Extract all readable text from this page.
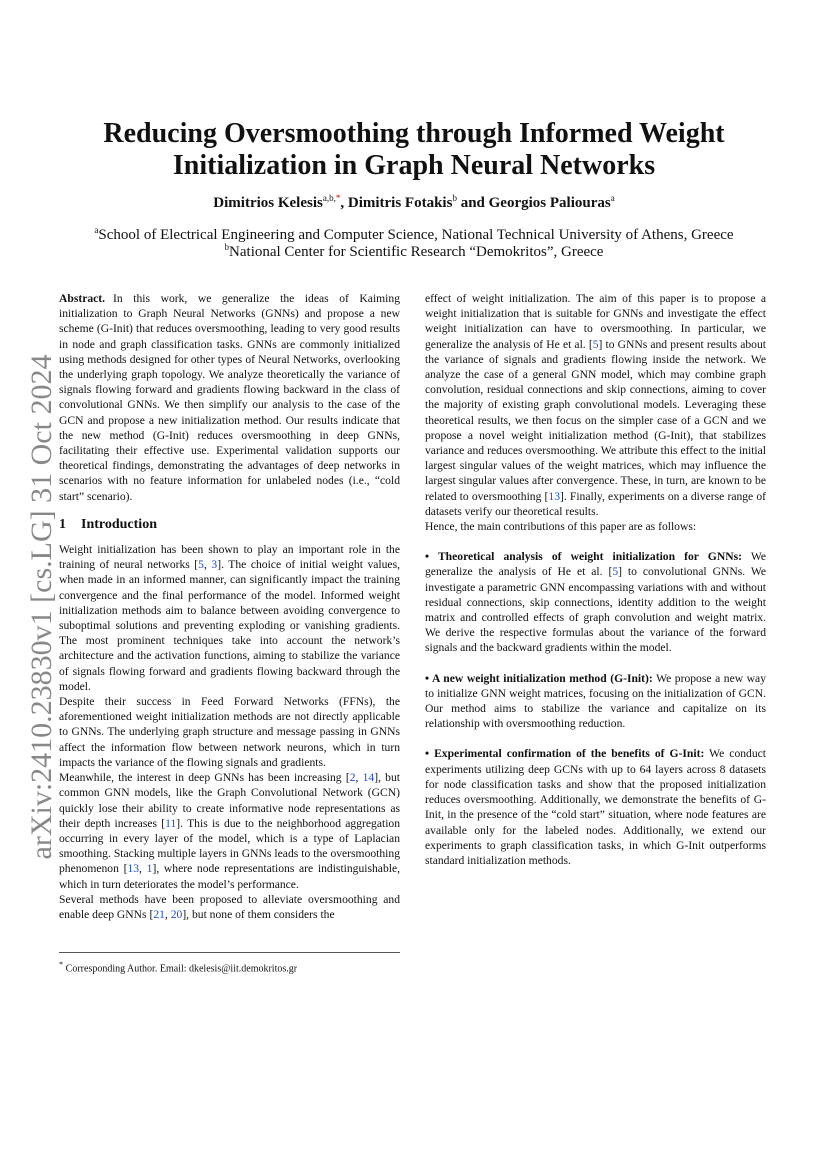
arXiv:2410.23830v1 [cs.LG] 31 Oct 2024
Reducing Oversmoothing through Informed Weight
Initialization in Graph Neural Networks
Dimitrios Kelesis$^{a,b,*}$, Dimitris Fotakis$^b$ and Georgios Paliouras$^a$
$^a$School of Electrical Engineering and Computer Science, National Technical University of Athens, Greece
$^b$National Center for Scientific Research “Demokritos”, Greece

Abstract. In this work, we generalize the ideas of Kaiming initialization to Graph Neural Networks (GNNs) and propose a new scheme (G-Init) that reduces oversmoothing, leading to very good results in node and graph classification tasks. GNNs are commonly initialized using methods designed for other types of Neural Networks, overlooking the underlying graph topology. We analyze theoretically the variance of signals flowing forward and gradients flowing backward in the class of convolutional GNNs. We then simplify our analysis to the case of the GCN and propose a new initialization method. Our results indicate that the new method (G-Init) reduces oversmoothing in deep GNNs, facilitating their effective use. Experimental validation supports our theoretical findings, demonstrating the advantages of deep networks in scenarios with no feature information for unlabeled nodes (i.e., “cold start” scenario).

1 Introduction

Weight initialization has been shown to play an important role in the training of neural networks [5, 3]. The choice of initial weight values, when made in an informed manner, can significantly impact the training convergence and the final performance of the model. Informed weight initialization methods aim to balance between avoiding convergence to suboptimal solutions and preventing exploding or vanishing gradients. The most prominent techniques take into account the network’s architecture and the activation functions, aiming to stabilize the variance of signals flowing forward and gradients flowing backward through the model.

Despite their success in Feed Forward Networks (FFNs), the aforementioned weight initialization methods are not directly applicable to GNNs. The underlying graph structure and message passing in GNNs affect the information flow between network neurons, which in turn impacts the variance of the flowing signals and gradients.

Meanwhile, the interest in deep GNNs has been increasing [2, 14], but common GNN models, like the Graph Convolutional Network (GCN) quickly lose their ability to create informative node representations as their depth increases [11]. This is due to the neighborhood aggregation occurring in every layer of the model, which is a type of Laplacian smoothing. Stacking multiple layers in GNNs leads to the oversmoothing phenomenon [13, 1], where node representations are indistinguishable, which in turn deteriorates the model’s performance.

Several methods have been proposed to alleviate oversmoothing and enable deep GNNs [21, 20], but none of them considers the

* Corresponding Author. Email: dkelesis@iit.demokritos.gr

effect of weight initialization. The aim of this paper is to propose a weight initialization that is suitable for GNNs and investigate the effect weight initialization can have to oversmoothing. In particular, we generalize the analysis of He et al. [5] to GNNs and present results about the variance of signals and gradients flowing inside the network. We analyze the case of a general GNN model, which may combine graph convolution, residual connections and skip connections, aiming to cover the majority of existing graph convolutional models. Leveraging these theoretical results, we then focus on the simpler case of a GCN and we propose a novel weight initialization method (G-Init), that stabilizes variance and reduces oversmoothing. We attribute this effect to the initial largest singular values of the weight matrices, which may influence the largest singular values after convergence. These, in turn, are known to be related to oversmoothing [13]. Finally, experiments on a diverse range of datasets verify our theoretical results.

Hence, the main contributions of this paper are as follows:

• Theoretical analysis of weight initialization for GNNs: We generalize the analysis of He et al. [5] to convolutional GNNs. We investigate a parametric GNN encompassing variations with and without residual connections, skip connections, identity addition to the weight matrix and controlled effects of graph convolution and weight matrix. We derive the respective formulas about the variance of the forward signals and the backward gradients within the model.

• A new weight initialization method (G-Init): We propose a new way to initialize GNN weight matrices, focusing on the initialization of GCN. Our method aims to stabilize the variance and capitalize on its relationship with oversmoothing reduction.

• Experimental confirmation of the benefits of G-Init: We conduct experiments utilizing deep GCNs with up to 64 layers across 8 datasets for node classification tasks and show that the proposed initialization reduces oversmoothing. Additionally, we demonstrate the benefits of G-Init, in the presence of the “cold start” situation, where node features are available only for the labeled nodes. Additionally, we extend our experiments to graph classification tasks, in which G-Init outperforms standard initialization methods.
